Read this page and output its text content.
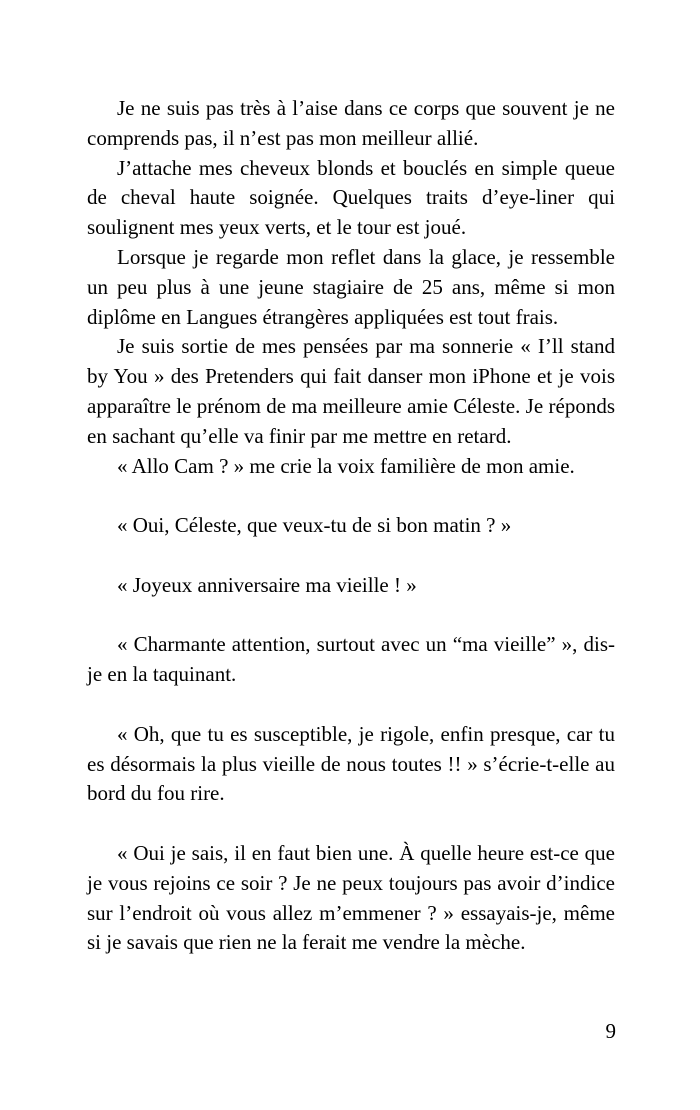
Je ne suis pas très à l’aise dans ce corps que souvent je ne comprends pas, il n’est pas mon meilleur allié.

J’attache mes cheveux blonds et bouclés en simple queue de cheval haute soignée. Quelques traits d’eye-liner qui soulignent mes yeux verts, et le tour est joué.

Lorsque je regarde mon reflet dans la glace, je ressemble un peu plus à une jeune stagiaire de 25 ans, même si mon diplôme en Langues étrangères appliquées est tout frais.

Je suis sortie de mes pensées par ma sonnerie « I’ll stand by You » des Pretenders qui fait danser mon iPhone et je vois apparaître le prénom de ma meilleure amie Céleste. Je réponds en sachant qu’elle va finir par me mettre en retard.

« Allo Cam ? » me crie la voix familière de mon amie.

« Oui, Céleste, que veux-tu de si bon matin ? »

« Joyeux anniversaire ma vieille ! »

« Charmante attention, surtout avec un “ma vieille” », dis-je en la taquinant.

« Oh, que tu es susceptible, je rigole, enfin presque, car tu es désormais la plus vieille de nous toutes !! » s’écrie-t-elle au bord du fou rire.

« Oui je sais, il en faut bien une. À quelle heure est-ce que je vous rejoins ce soir ? Je ne peux toujours pas avoir d’indice sur l’endroit où vous allez m’emmener ? » essayais-je, même si je savais que rien ne la ferait me vendre la mèche.

9
